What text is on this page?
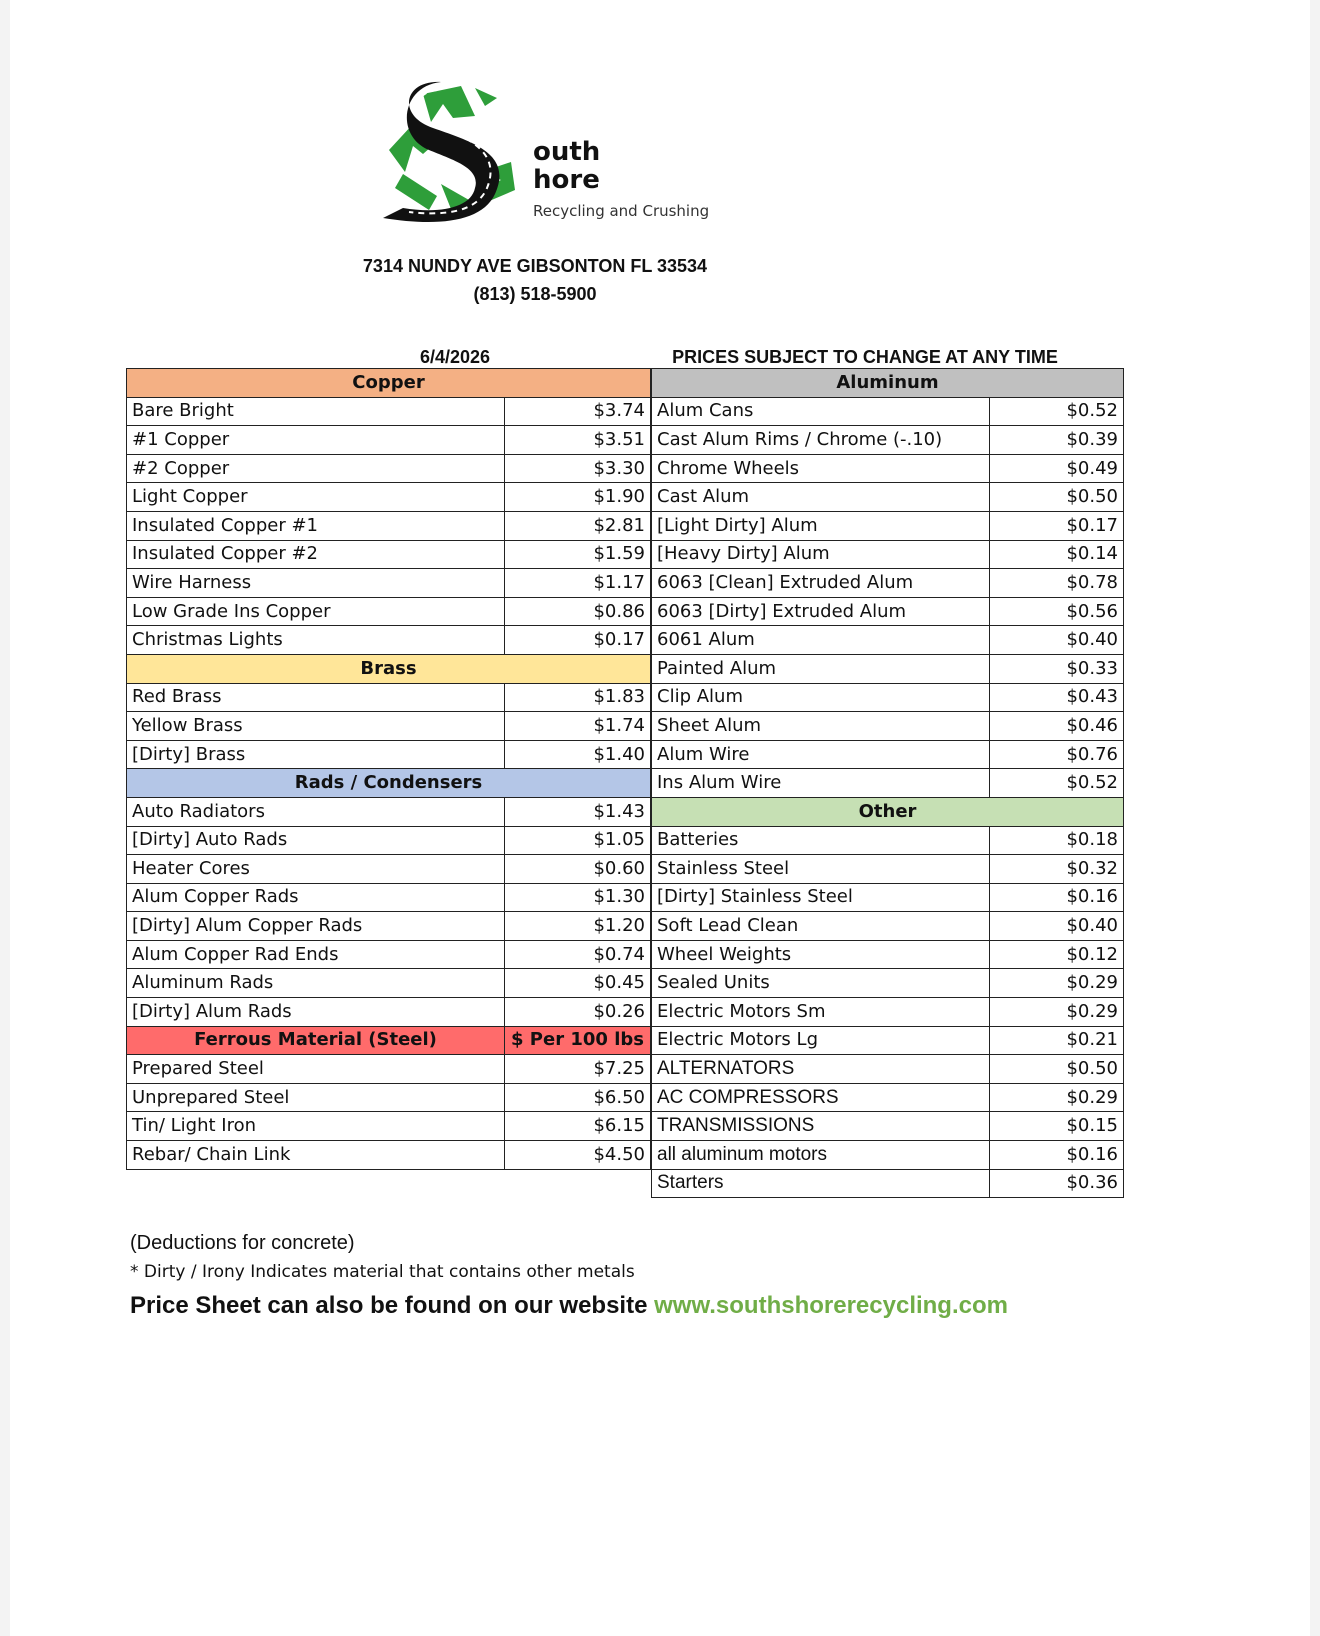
outh
hore
Recycling and Crushing
7314 NUNDY AVE GIBSONTON FL 33534
(813) 518-5900
6/4/2026	PRICES SUBJECT TO CHANGE AT ANY TIME
Copper	
Bare Bright	$3.74
#1 Copper	$3.51
#2 Copper	$3.30
Light Copper	$1.90
Insulated Copper #1	$2.81
Insulated Copper #2	$1.59
Wire Harness	$1.17
Low Grade Ins Copper	$0.86
Christmas Lights	$0.17
Brass	
Red Brass	$1.83
Yellow Brass	$1.74
[Dirty] Brass	$1.40
Rads / Condensers	
Auto Radiators	$1.43
[Dirty] Auto Rads	$1.05
Heater Cores	$0.60
Alum Copper Rads	$1.30
[Dirty] Alum Copper Rads	$1.20
Alum Copper Rad Ends	$0.74
Aluminum Rads	$0.45
[Dirty] Alum Rads	$0.26
Ferrous Material (Steel)	$ Per 100 lbs
Prepared Steel	$7.25
Unprepared Steel	$6.50
Tin/ Light Iron	$6.15
Rebar/ Chain Link	$4.50
Aluminum	
Alum Cans	$0.52
Cast Alum Rims / Chrome (-.10)	$0.39
Chrome Wheels	$0.49
Cast Alum	$0.50
[Light Dirty] Alum	$0.17
[Heavy Dirty] Alum	$0.14
6063 [Clean] Extruded Alum	$0.78
6063 [Dirty] Extruded Alum	$0.56
6061 Alum	$0.40
Painted Alum	$0.33
Clip Alum	$0.43
Sheet Alum	$0.46
Alum Wire	$0.76
Ins Alum Wire	$0.52
Other	
Batteries	$0.18
Stainless Steel	$0.32
[Dirty] Stainless Steel	$0.16
Soft Lead Clean	$0.40
Wheel Weights	$0.12
Sealed Units	$0.29
Electric Motors Sm	$0.29
Electric Motors Lg	$0.21
ALTERNATORS	$0.50
AC COMPRESSORS	$0.29
TRANSMISSIONS	$0.15
all aluminum motors	$0.16
Starters	$0.36
(Deductions for concrete)
* Dirty / Irony Indicates material that contains other metals
Price Sheet can also be found on our website www.southshorerecycling.com
